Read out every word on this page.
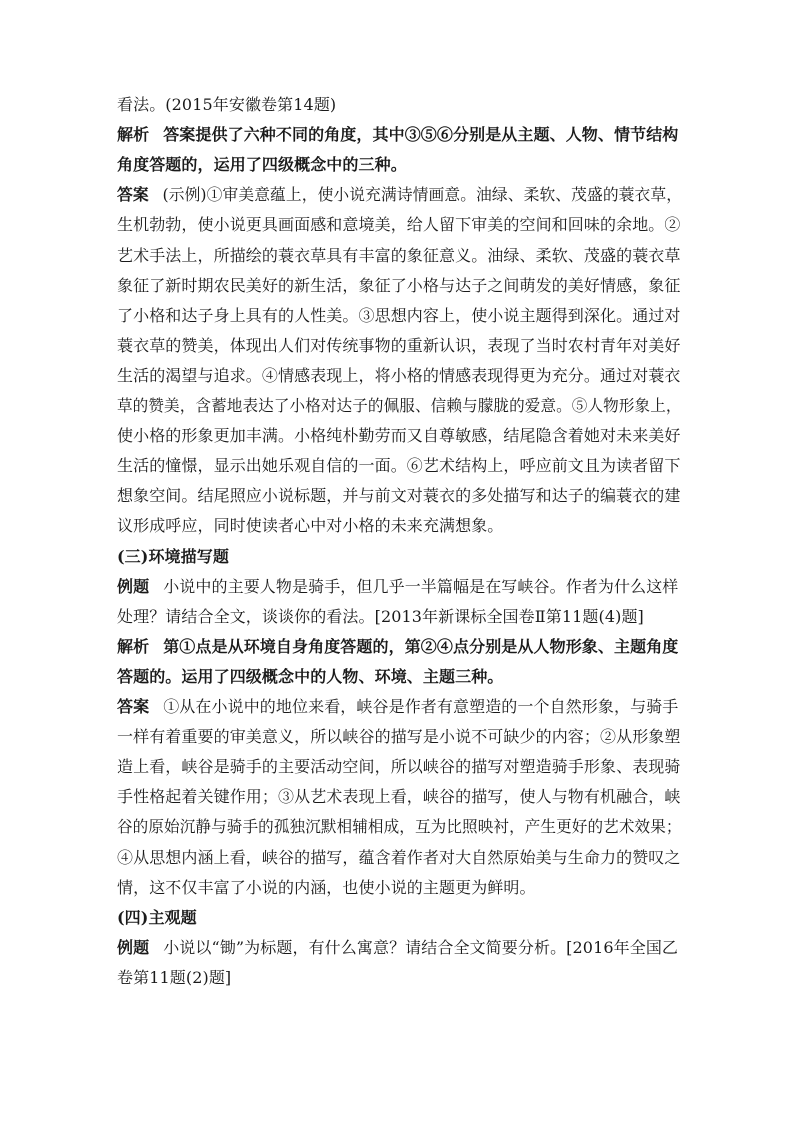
看法。(2015年安徽卷第14题)
解析 答案提供了六种不同的角度，其中③⑤⑥分别是从主题、人物、情节结构
角度答题的，运用了四级概念中的三种。
答案 (示例)①审美意蕴上，使小说充满诗情画意。油绿、柔软、茂盛的蓑衣草，
生机勃勃，使小说更具画面感和意境美，给人留下审美的空间和回味的余地。②
艺术手法上，所描绘的蓑衣草具有丰富的象征意义。油绿、柔软、茂盛的蓑衣草
象征了新时期农民美好的新生活，象征了小格与达子之间萌发的美好情感，象征
了小格和达子身上具有的人性美。③思想内容上，使小说主题得到深化。通过对
蓑衣草的赞美，体现出人们对传统事物的重新认识，表现了当时农村青年对美好
生活的渴望与追求。④情感表现上，将小格的情感表现得更为充分。通过对蓑衣
草的赞美，含蓄地表达了小格对达子的佩服、信赖与朦胧的爱意。⑤人物形象上，
使小格的形象更加丰满。小格纯朴勤劳而又自尊敏感，结尾隐含着她对未来美好
生活的憧憬，显示出她乐观自信的一面。⑥艺术结构上，呼应前文且为读者留下
想象空间。结尾照应小说标题，并与前文对蓑衣的多处描写和达子的编蓑衣的建
议形成呼应，同时使读者心中对小格的未来充满想象。
(三)环境描写题
例题 小说中的主要人物是骑手，但几乎一半篇幅是在写峡谷。作者为什么这样
处理？请结合全文，谈谈你的看法。[2013年新课标全国卷Ⅱ第11题(4)题]
解析 第①点是从环境自身角度答题的，第②④点分别是从人物形象、主题角度
答题的。运用了四级概念中的人物、环境、主题三种。
答案 ①从在小说中的地位来看，峡谷是作者有意塑造的一个自然形象，与骑手
一样有着重要的审美意义，所以峡谷的描写是小说不可缺少的内容；②从形象塑
造上看，峡谷是骑手的主要活动空间，所以峡谷的描写对塑造骑手形象、表现骑
手性格起着关键作用；③从艺术表现上看，峡谷的描写，使人与物有机融合，峡
谷的原始沉静与骑手的孤独沉默相辅相成，互为比照映衬，产生更好的艺术效果；
④从思想内涵上看，峡谷的描写，蕴含着作者对大自然原始美与生命力的赞叹之
情，这不仅丰富了小说的内涵，也使小说的主题更为鲜明。
(四)主观题
例题 小说以“锄”为标题，有什么寓意？请结合全文简要分析。[2016年全国乙
卷第11题(2)题]
